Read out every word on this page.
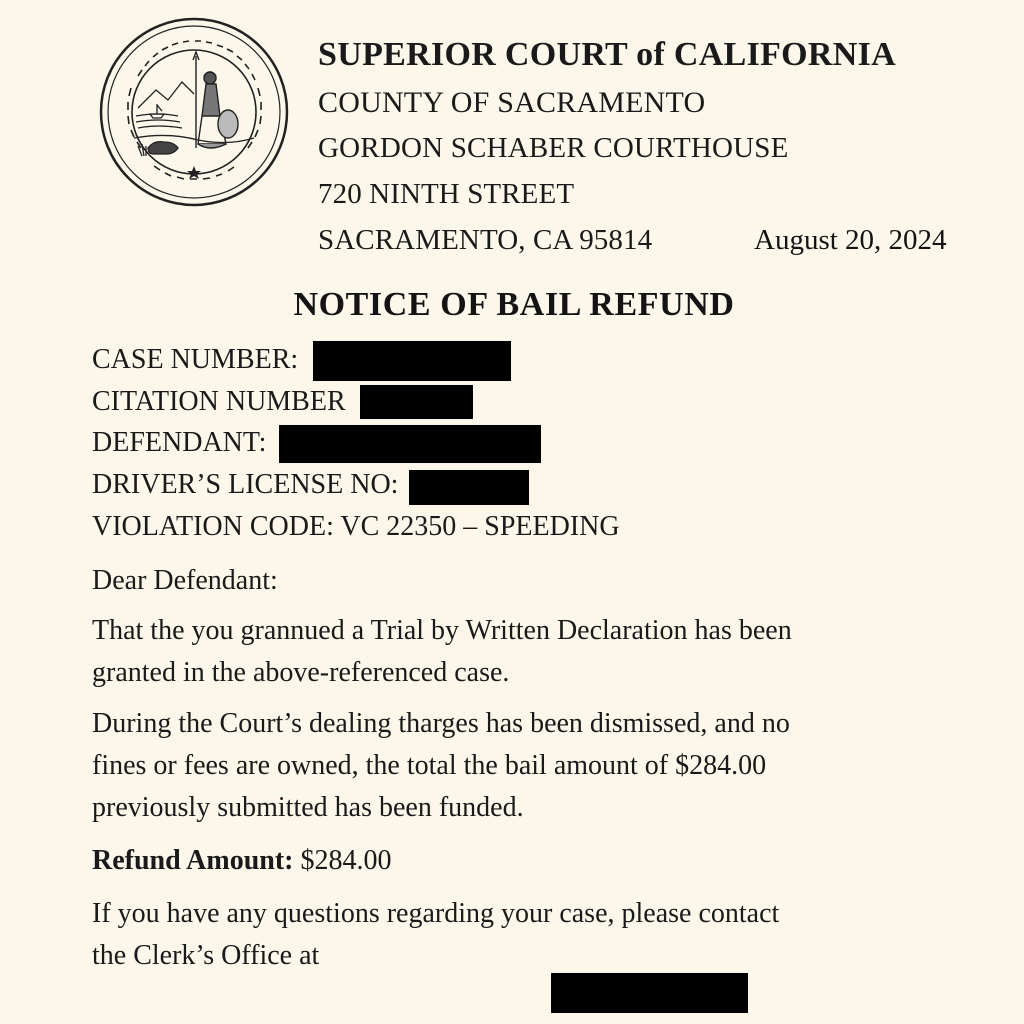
SUPERIOR COURT of CALIFORNIA
COUNTY OF SACRAMENTO
GORDON SCHABER COURTHOUSE
720 NINTH STREET
SACRAMENTO, CA 95814	August 20, 2024
NOTICE OF BAIL REFUND
CASE NUMBER:
CITATION NUMBER
DEFENDANT:
DRIVER’S LICENSE NO:
VIOLATION CODE: VC 22350 – SPEEDING
Dear Defendant:
That the you grannued a Trial by Written Declaration has been
granted in the above-referenced case.
During the Court’s dealing tharges has been dismissed, and no
fines or fees are owned, the total the bail amount of $284.00
previously submitted has been funded.
Refund Amount: $284.00
If you have any questions regarding your case, please contact
the Clerk’s Office at
